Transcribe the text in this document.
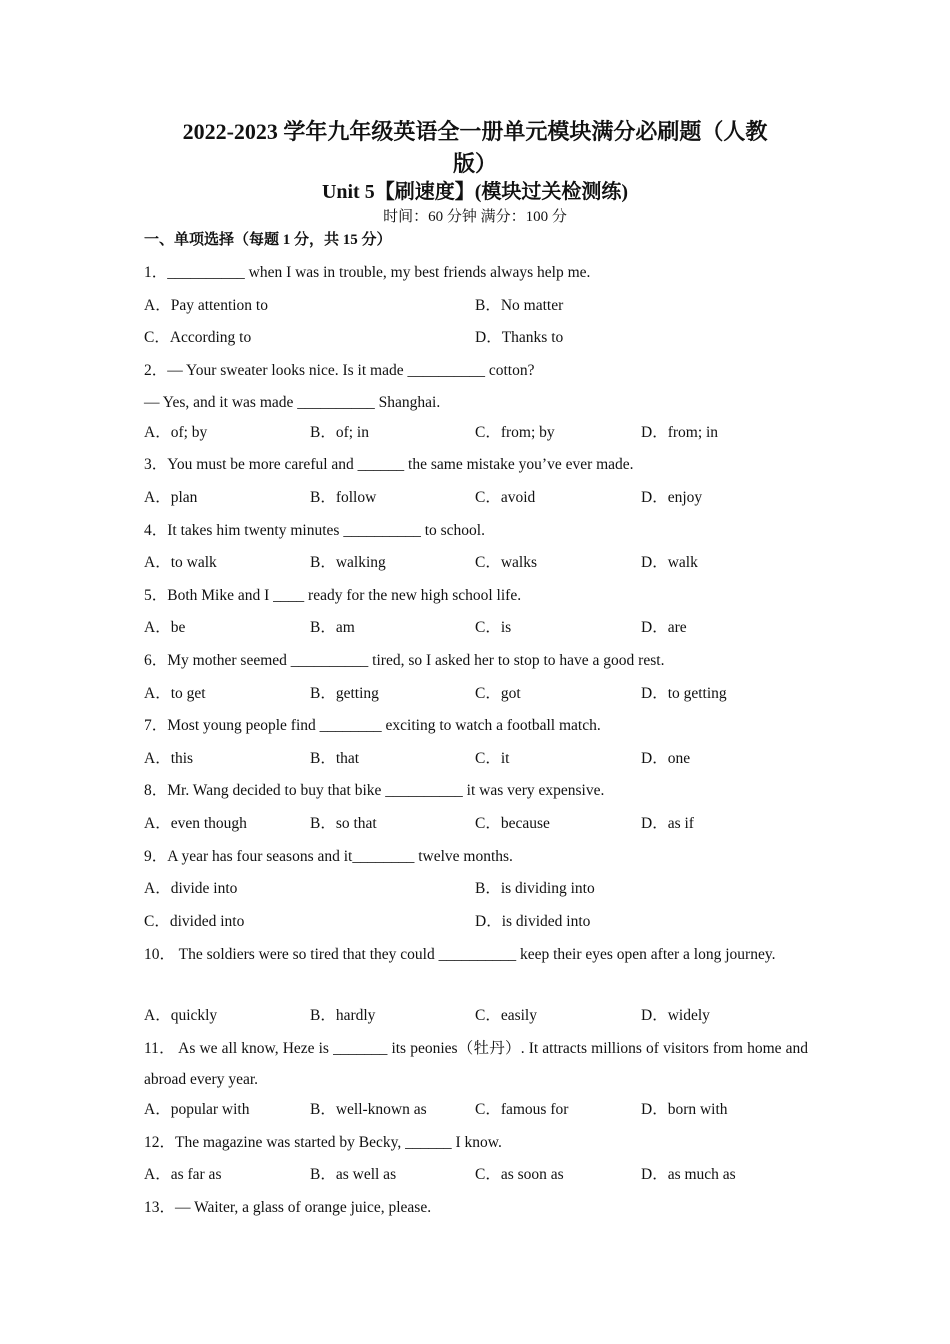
2022-2023 学年九年级英语全一册单元模块满分必刷题（人教
版）
Unit 5【刷速度】(模块过关检测练)
时间：60 分钟 满分：100 分
一、单项选择（每题 1 分，共 15 分）
1．__________ when I was in trouble, my best friends always help me.
A．Pay attention to	B．No matter
C．According to	D．Thanks to
2．— Your sweater looks nice. Is it made __________ cotton?
— Yes, and it was made __________ Shanghai.
A．of; by	B．of; in	C．from; by	D．from; in
3．You must be more careful and ______ the same mistake you’ve ever made.
A．plan	B．follow	C．avoid	D．enjoy
4．It takes him twenty minutes __________ to school.
A．to walk	B．walking	C．walks	D．walk
5．Both Mike and I ____ ready for the new high school life.
A．be	B．am	C．is	D．are
6．My mother seemed __________ tired, so I asked her to stop to have a good rest.
A．to get	B．getting	C．got	D．to getting
7．Most young people find ________ exciting to watch a football match.
A．this	B．that	C．it	D．one
8．Mr. Wang decided to buy that bike __________ it was very expensive.
A．even though	B．so that	C．because	D．as if
9．A year has four seasons and it________ twelve months.
A．divide into	B．is dividing into
C．divided into	D．is divided into
10． The soldiers were so tired that they could __________ keep their eyes open after a long journey.
A．quickly	B．hardly	C．easily	D．widely
11． As we all know, Heze is _______ its peonies（牡丹）. It attracts millions of visitors from home and abroad every year.
A．popular with	B．well-known as	C．famous for	D．born with
12．The magazine was started by Becky, ______ I know.
A．as far as	B．as well as	C．as soon as	D．as much as
13．— Waiter, a glass of orange juice, please.
